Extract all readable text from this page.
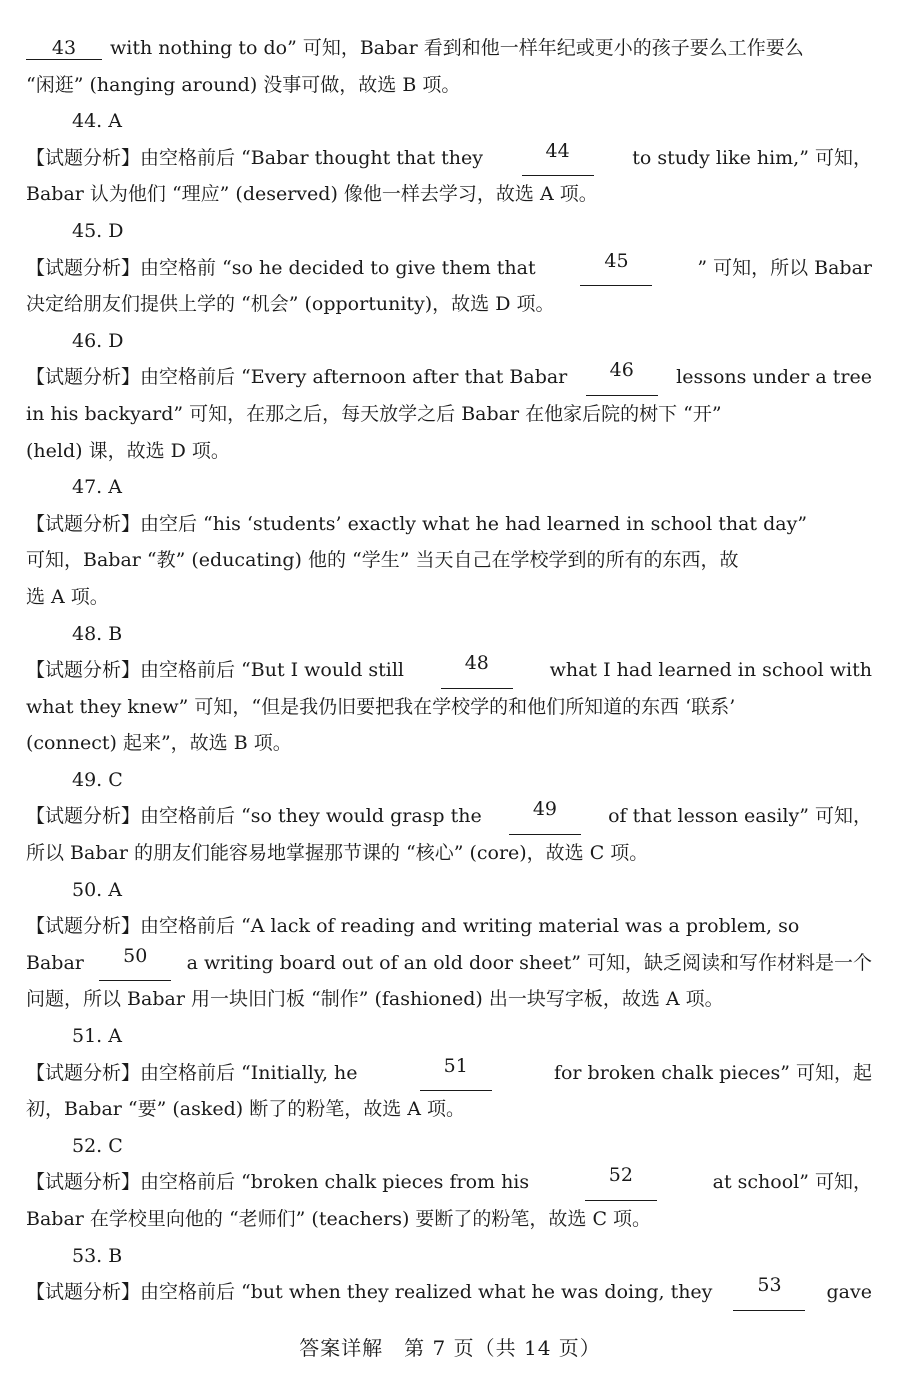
43 with nothing to do” 可知，Babar 看到和他一样年纪或更小的孩子要么工作要么
“闲逛” (hanging around) 没事可做，故选 B 项。
44. A
【试题分析】由空格前后 “Babar thought that they	44	to study like him,” 可知，
Babar 认为他们 “理应” (deserved) 像他一样去学习，故选 A 项。
45. D
【试题分析】由空格前 “so he decided to give them that	45	” 可知，所以 Babar
决定给朋友们提供上学的 “机会” (opportunity)，故选 D 项。
46. D
【试题分析】由空格前后 “Every afternoon after that Babar	46	lessons under a tree
in his backyard” 可知，在那之后，每天放学之后 Babar 在他家后院的树下 “开”
(held) 课，故选 D 项。
47. A
【试题分析】由空后 “his ‘students’ exactly what he had learned in school that day”
可知，Babar “教” (educating) 他的 “学生” 当天自己在学校学到的所有的东西，故
选 A 项。
48. B
【试题分析】由空格前后 “But I would still	48	what I had learned in school with
what they knew” 可知，“但是我仍旧要把我在学校学的和他们所知道的东西 ‘联系’
(connect) 起来”，故选 B 项。
49. C
【试题分析】由空格前后 “so they would grasp the	49	of that lesson easily” 可知，
所以 Babar 的朋友们能容易地掌握那节课的 “核心” (core)，故选 C 项。
50. A
【试题分析】由空格前后 “A lack of reading and writing material was a problem, so
Babar	50	a writing board out of an old door sheet” 可知，缺乏阅读和写作材料是一个
问题，所以 Babar 用一块旧门板 “制作” (fashioned) 出一块写字板，故选 A 项。
51. A
【试题分析】由空格前后 “Initially, he	51	for broken chalk pieces” 可知，起
初，Babar “要” (asked) 断了的粉笔，故选 A 项。
52. C
【试题分析】由空格前后 “broken chalk pieces from his	52	at school” 可知，
Babar 在学校里向他的 “老师们” (teachers) 要断了的粉笔，故选 C 项。
53. B
【试题分析】由空格前后 “but when they realized what he was doing, they	53	gave
答案详解　第 7 页（共 14 页）
